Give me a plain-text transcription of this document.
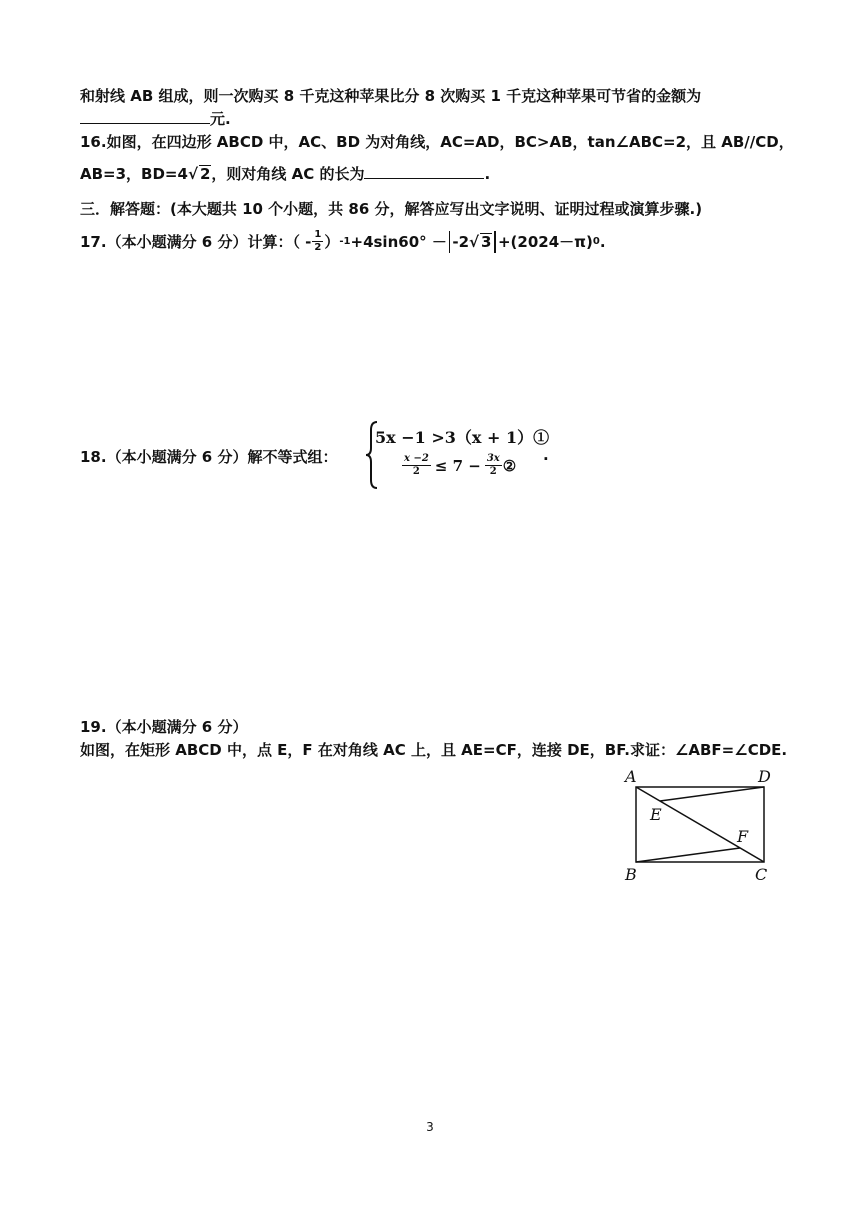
和射线 AB 组成，则一次购买 8 千克这种苹果比分 8 次购买 1 千克这种苹果可节省的金额为
元.
16.如图，在四边形 ABCD 中，AC、BD 为对角线，AC=AD，BC>AB，tan∠ABC=2，且 AB//CD，
AB=3，BD=4√ 2，则对角线 AC 的长为	.
三．解答题：(本大题共 10 个小题，共 86 分，解答应写出文字说明、证明过程或演算步骤.)
17.（本小题满分 6 分）计算：（ - $\frac{1}{2}$ ） -1 +4sin60° － -2 √ 3 +(2024－π) 0 .
18.（本小题满分 6 分）解不等式组：
5x −1 >3（x + 1）①
$\frac{x -2}{2} \le 7 - \frac{3x}{2}$ ②
.
19.（本小题满分 6 分）
如图，在矩形 ABCD 中，点 E，F 在对角线 AC 上，且 AE=CF，连接 DE，BF.求证：∠ABF=∠CDE.
A	D
E
F
B	C
3
